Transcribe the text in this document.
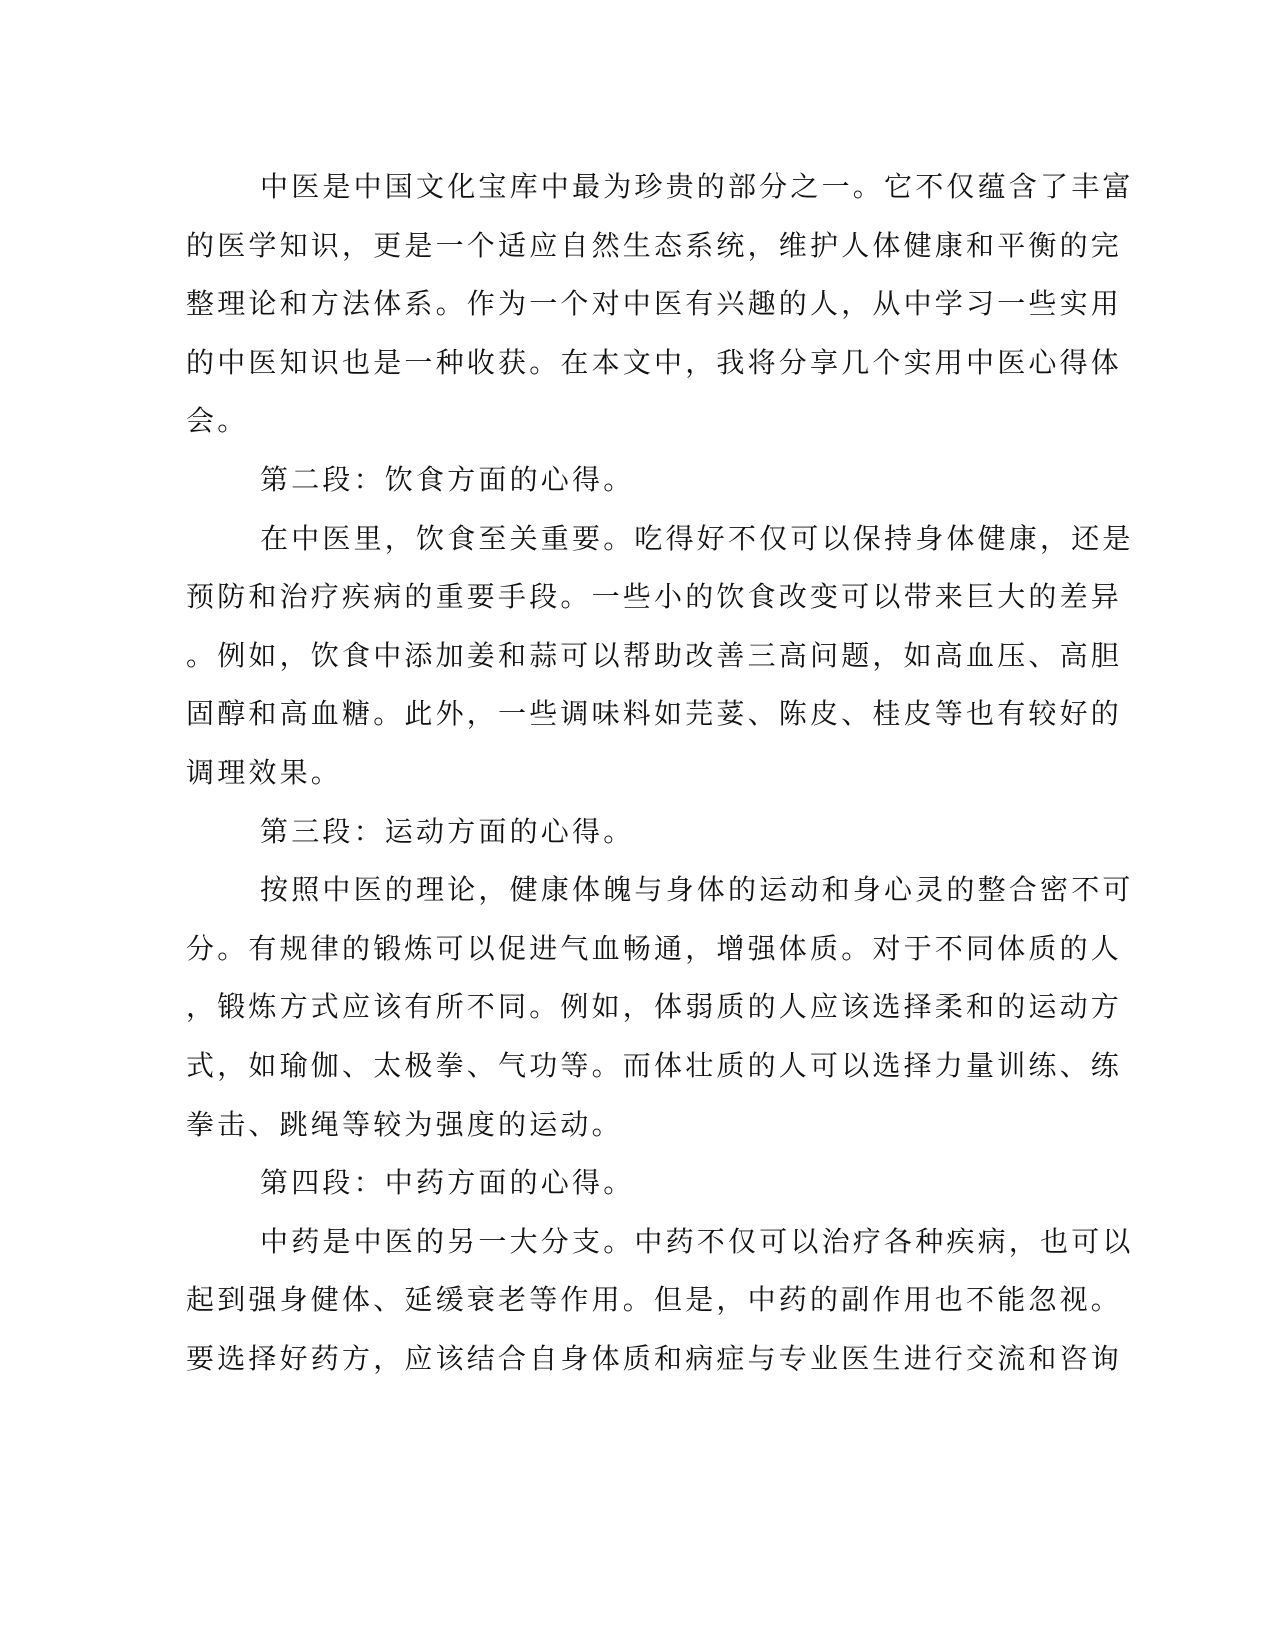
中医是中国文化宝库中最为珍贵的部分之一。它不仅蕴含了丰富
的医学知识，更是一个适应自然生态系统，维护人体健康和平衡的完
整理论和方法体系。作为一个对中医有兴趣的人，从中学习一些实用
的中医知识也是一种收获。在本文中，我将分享几个实用中医心得体
会。
第二段：饮食方面的心得。
在中医里，饮食至关重要。吃得好不仅可以保持身体健康，还是
预防和治疗疾病的重要手段。一些小的饮食改变可以带来巨大的差异
。例如，饮食中添加姜和蒜可以帮助改善三高问题，如高血压、高胆
固醇和高血糖。此外，一些调味料如芫荽、陈皮、桂皮等也有较好的
调理效果。
第三段：运动方面的心得。
按照中医的理论，健康体魄与身体的运动和身心灵的整合密不可
分。有规律的锻炼可以促进气血畅通，增强体质。对于不同体质的人
，锻炼方式应该有所不同。例如，体弱质的人应该选择柔和的运动方
式，如瑜伽、太极拳、气功等。而体壮质的人可以选择力量训练、练
拳击、跳绳等较为强度的运动。
第四段：中药方面的心得。
中药是中医的另一大分支。中药不仅可以治疗各种疾病，也可以
起到强身健体、延缓衰老等作用。但是，中药的副作用也不能忽视。
要选择好药方，应该结合自身体质和病症与专业医生进行交流和咨询
